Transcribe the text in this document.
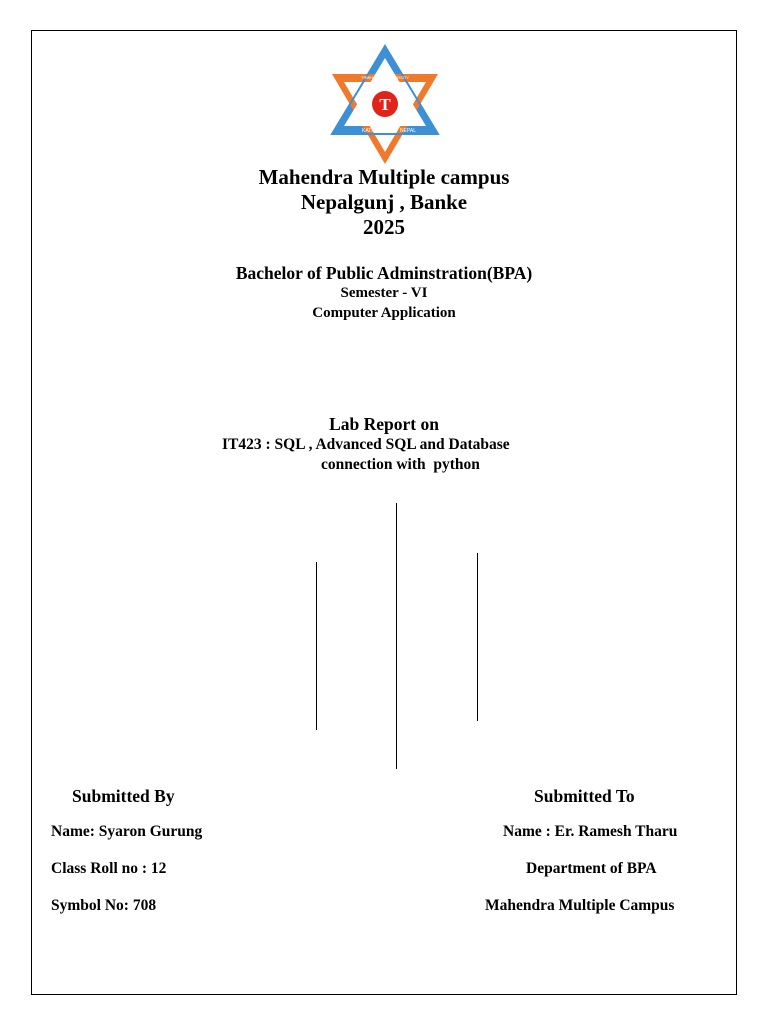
T
KATHMANDU NEPAL
TRIBHUVAN UNIVERSITY
Mahendra Multiple campus
Nepalgunj , Banke
2025
Bachelor of Public Adminstration(BPA)
Semester - VI
Computer Application
Lab Report on
IT423 : SQL , Advanced SQL and Database
connection with  python
Submitted By
Name: Syaron Gurung
Class Roll no : 12
Symbol No: 708
Submitted To
Name : Er. Ramesh Tharu
Department of BPA
Mahendra Multiple Campus
